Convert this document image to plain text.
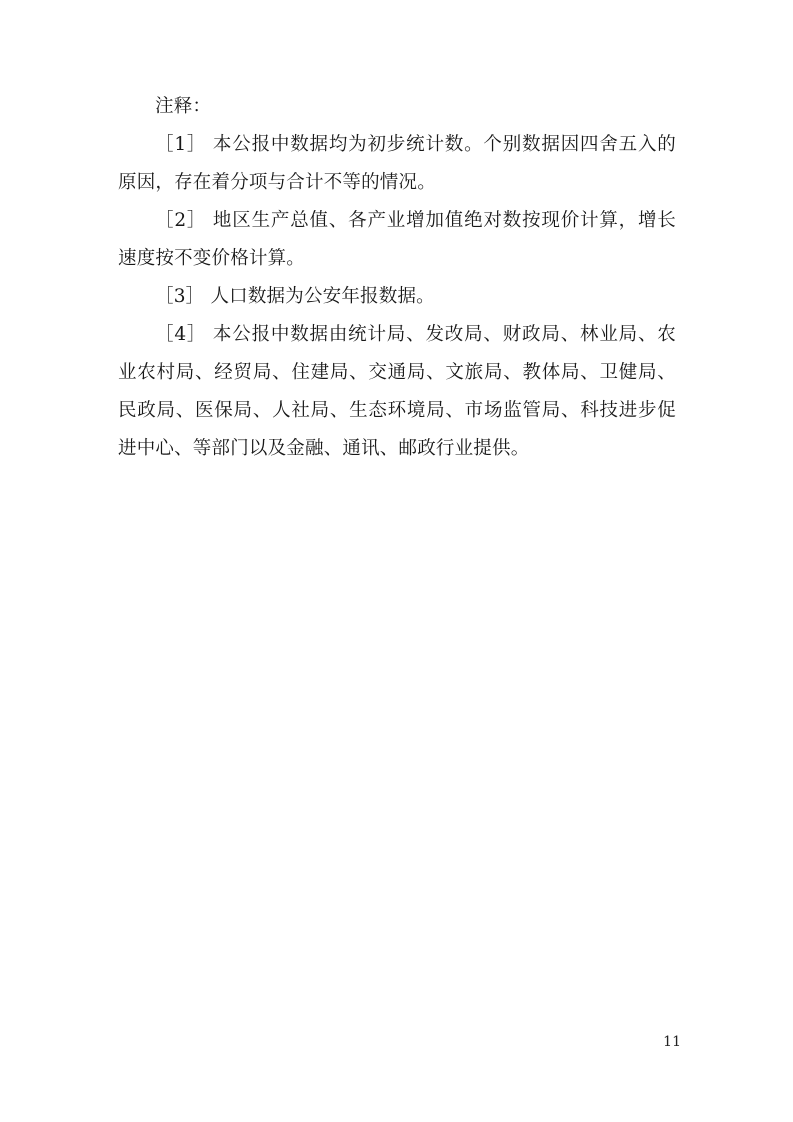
注释：

［1］ 本公报中数据均为初步统计数。个别数据因四舍五入的原因，存在着分项与合计不等的情况。

［2］ 地区生产总值、各产业增加值绝对数按现价计算，增长速度按不变价格计算。

［3］ 人口数据为公安年报数据。

［4］ 本公报中数据由统计局、发改局、财政局、林业局、农业农村局、经贸局、住建局、交通局、文旅局、教体局、卫健局、民政局、医保局、人社局、生态环境局、市场监管局、科技进步促进中心、等部门以及金融、通讯、邮政行业提供。

11
